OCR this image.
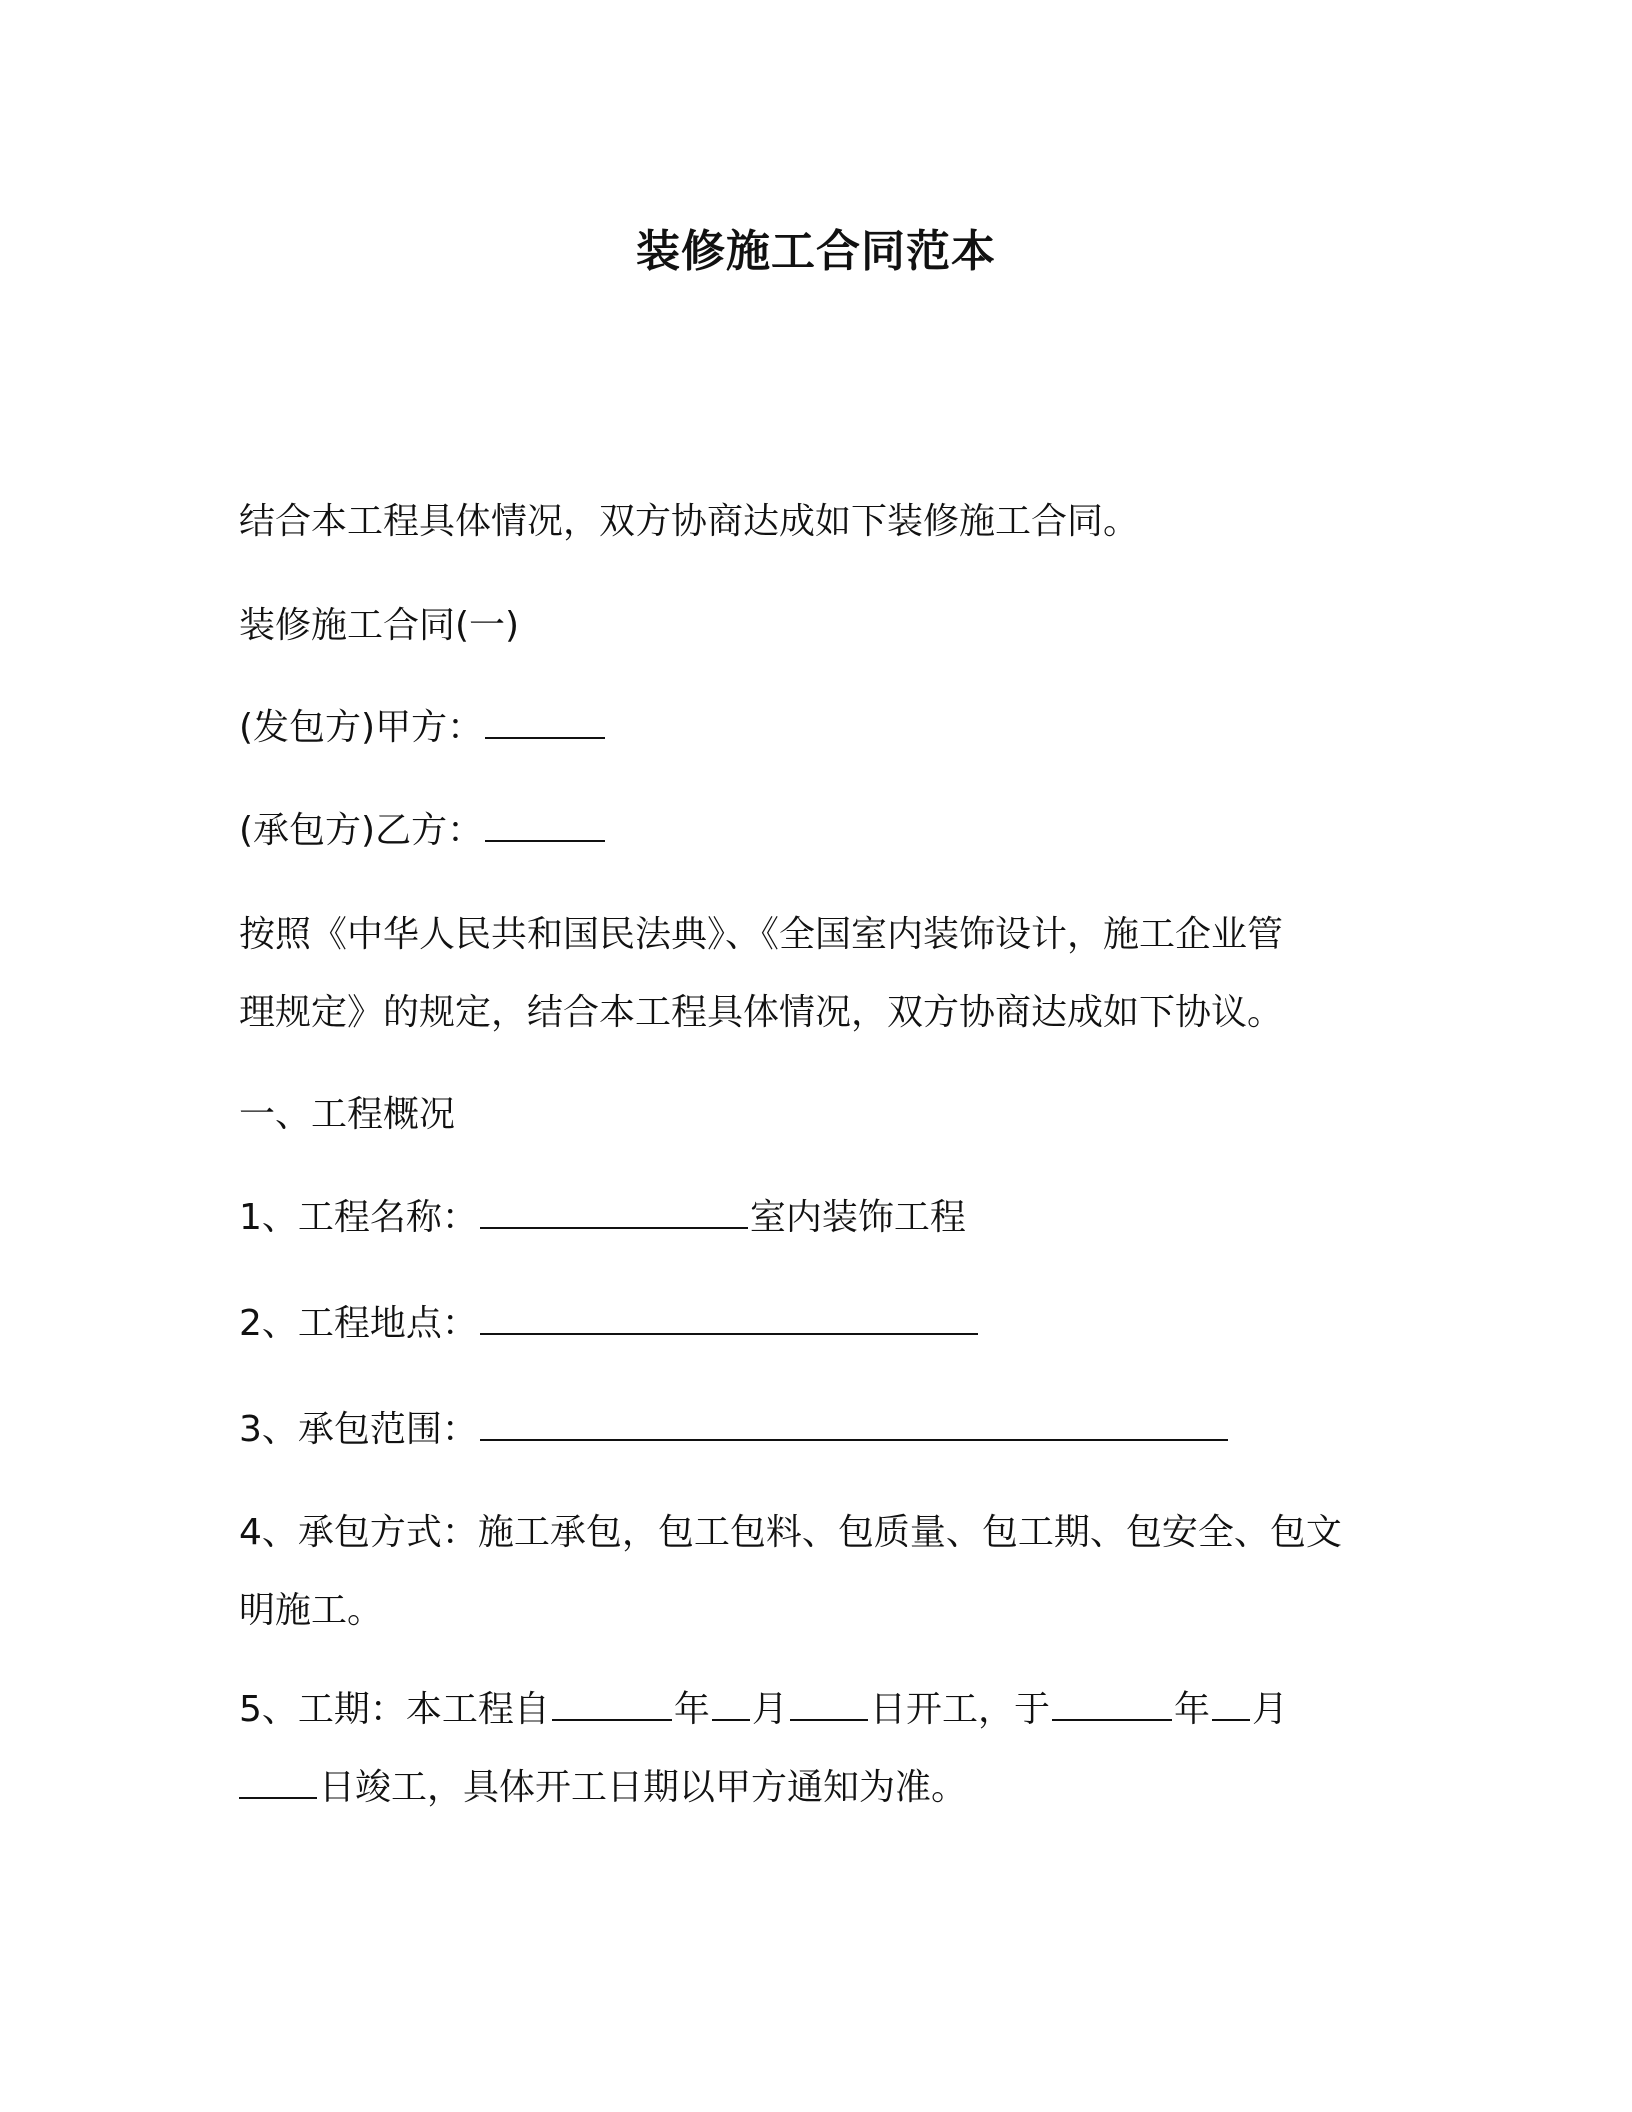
装修施工合同范本
结合本工程具体情况，双方协商达成如下装修施工合同。
装修施工合同(一)
(发包方)甲方：
(承包方)乙方：
按照《中华人民共和国民法典》、《全国室内装饰设计，施工企业管
理规定》的规定，结合本工程具体情况，双方协商达成如下协议。
一、工程概况
1、工程名称：	室内装饰工程
2、工程地点：
3、承包范围：
4、承包方式：施工承包，包工包料、包质量、包工期、包安全、包文
明施工。
5、工期：本工程自	年 月 日开工，于	年 月
日竣工，具体开工日期以甲方通知为准。
